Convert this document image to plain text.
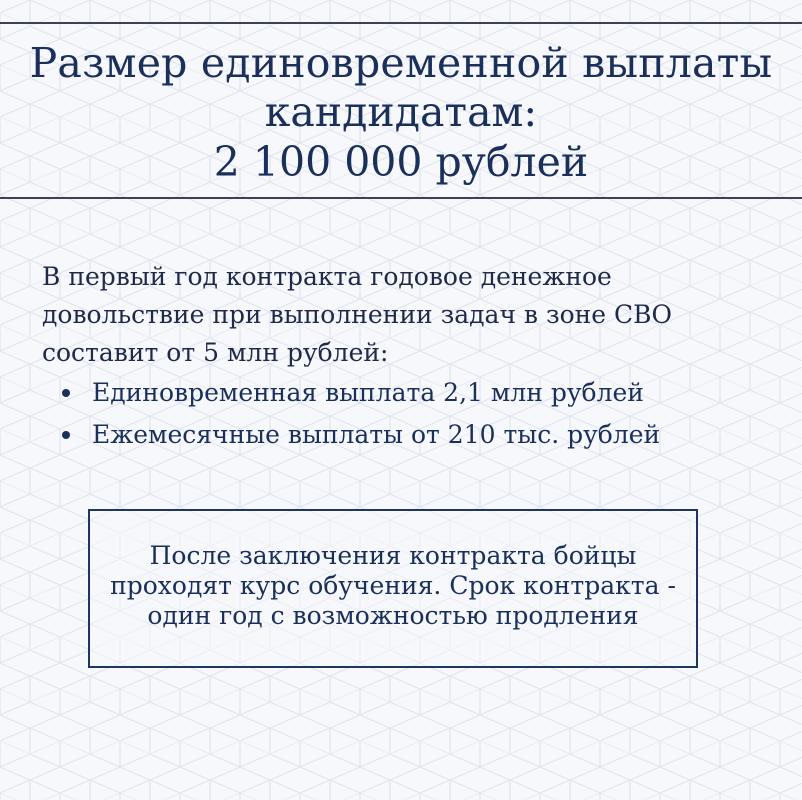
Размер единовременной выплаты
кандидатам:
2 100 000 рублей

В первый год контракта годовое денежное

довольствие при выполнении задач в зоне СВО

составит от 5 млн рублей:

Единовременная выплата 2,1 млн рублей
Ежемесячные выплаты от 210 тыс. рублей
После заключения контракта бойцы
проходят курс обучения. Срок контракта -
один год с возможностью продления
